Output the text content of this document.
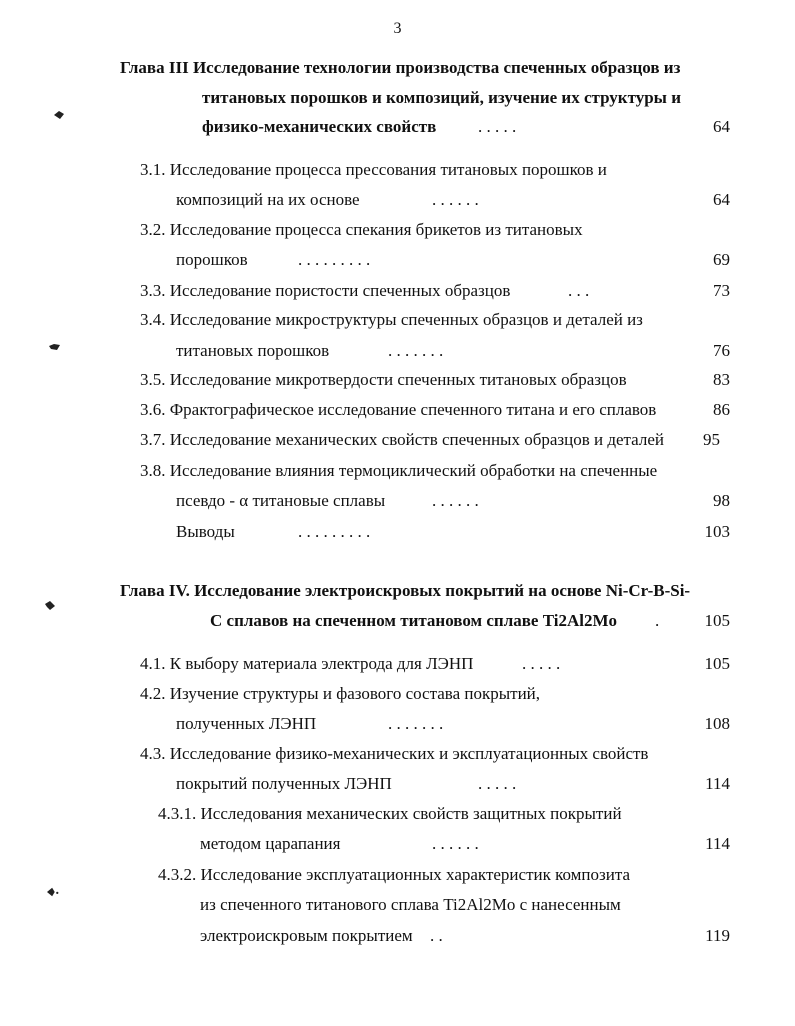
3
Глава III Исследование технологии производства спеченных образцов из
титановых порошков и композиций, изучение их структуры и
физико-механических свойств . . . . .	64
3.1. Исследование процесса прессования титановых порошков и
композиций на их основе	. . . . . .	64
3.2. Исследование процесса спекания брикетов из титановых
порошков	. . . . . . . . .	69
3.3. Исследование пористости спеченных образцов	. . .	73
3.4. Исследование микроструктуры спеченных образцов и деталей из
титановых порошков	. . . . . . .	76
3.5. Исследование микротвердости спеченных титановых образцов	83
3.6. Фрактографическое исследование спеченного титана и его сплавов	86
3.7. Исследование механических свойств спеченных образцов и деталей	95
3.8. Исследование влияния термоциклический обработки на спеченные
псевдо - α титановые сплавы	. . . . . .	98
Выводы	. . . . . . . . .	103
Глава IV. Исследование электроискровых покрытий на основе Ni-Cr-B-Si-
С сплавов на спеченном титановом сплаве Ti2Al2Mo .	105
4.1. К выбору материала электрода для ЛЭНП	. . . . .	105
4.2. Изучение структуры и фазового состава покрытий,
полученных ЛЭНП	. . . . . . .	108
4.3. Исследование физико-механических и эксплуатационных свойств
покрытий полученных ЛЭНП	. . . . .	114
4.3.1. Исследования механических свойств защитных покрытий
методом царапания	. . . . . .	114
4.3.2. Исследование эксплуатационных характеристик композита
из спеченного титанового сплава Ti2Al2Mo с нанесенным
электроискровым покрытием . .	119
